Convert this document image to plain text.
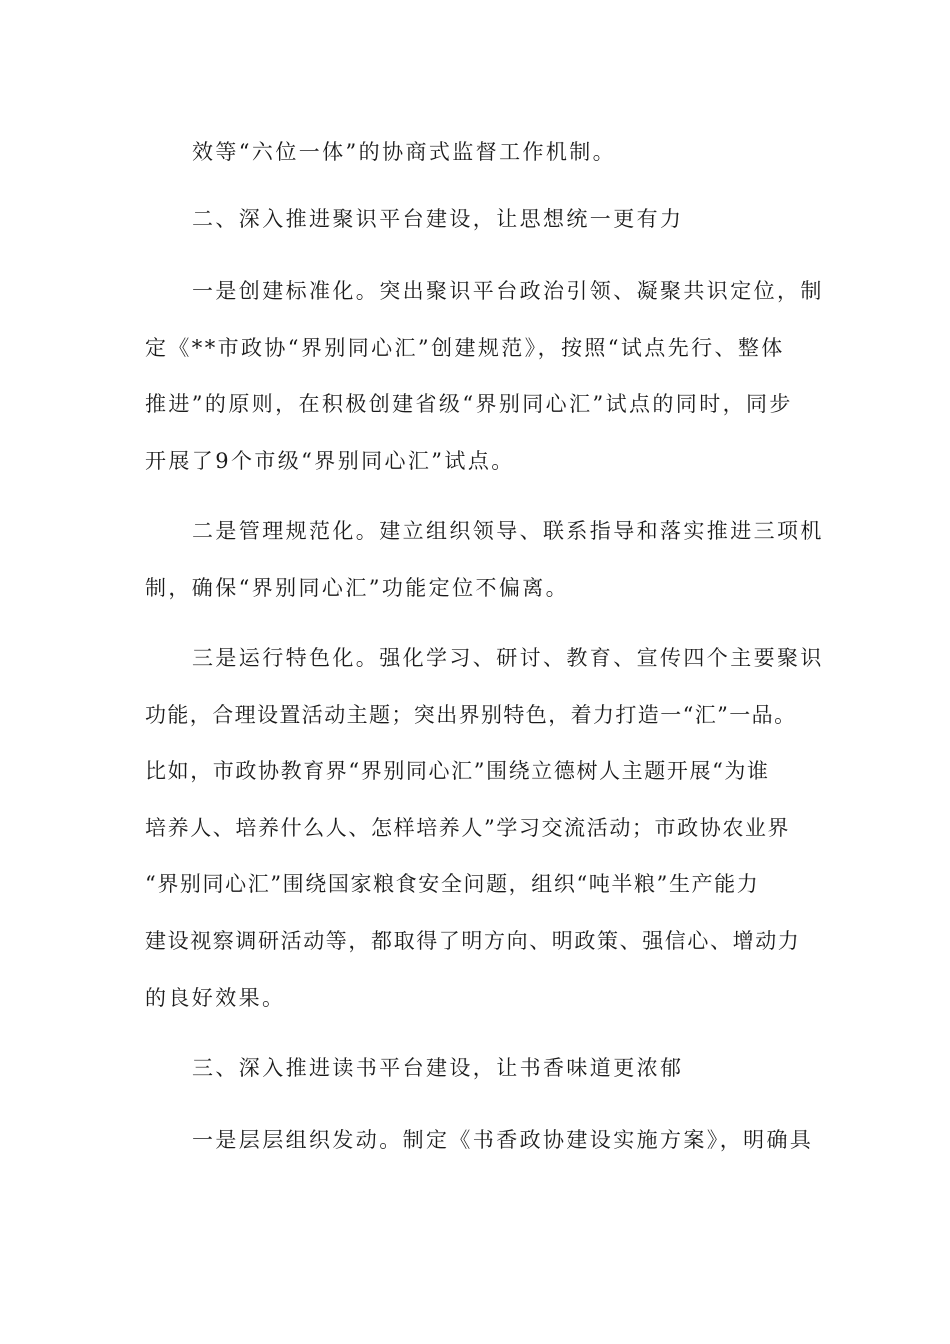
效等“六位一体”的协商式监督工作机制。
二、深入推进聚识平台建设，让思想统一更有力
一是创建标准化。突出聚识平台政治引领、凝聚共识定位，制
定《**市政协“界别同心汇”创建规范》，按照“试点先行、整体
推进”的原则，在积极创建省级“界别同心汇”试点的同时，同步
开展了9个市级“界别同心汇”试点。
二是管理规范化。建立组织领导、联系指导和落实推进三项机
制，确保“界别同心汇”功能定位不偏离。
三是运行特色化。强化学习、研讨、教育、宣传四个主要聚识
功能，合理设置活动主题；突出界别特色，着力打造一“汇”一品。
比如，市政协教育界“界别同心汇”围绕立德树人主题开展“为谁
培养人、培养什么人、怎样培养人”学习交流活动；市政协农业界
“界别同心汇”围绕国家粮食安全问题，组织“吨半粮”生产能力
建设视察调研活动等，都取得了明方向、明政策、强信心、增动力
的良好效果。
三、深入推进读书平台建设，让书香味道更浓郁
一是层层组织发动。制定《书香政协建设实施方案》，明确具
